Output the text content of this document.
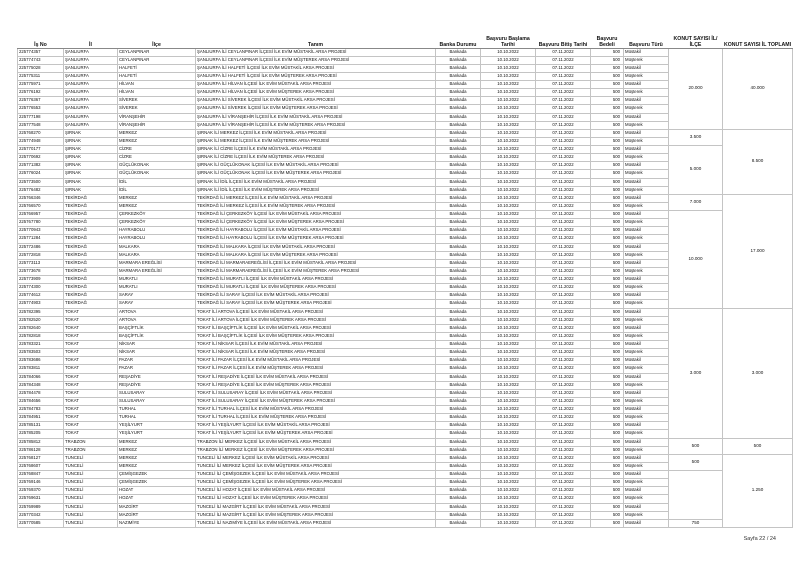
İş No	İl	İlçe	Tanım	Banka Durumu	Başvuru Başlama Tarihi	Başvuru Bitiş Tarihi	Başvuru Bedeli	Başvuru Türü	KONUT SAYISI İL/İLÇE	KONUT SAYISI İL TOPLAMI
225774357	ŞANLIURFA	CEYLANPINAR	ŞANLIURFA İLİ CEYLANPINAR İLÇESİ İLK EVİM MÜSTAKİL ARSA PROJESİ	Bankada	10.10.2022	07.11.2022	500	Müstakil	20.000	40.000
225774743	ŞANLIURFA	CEYLANPINAR	ŞANLIURFA İLİ CEYLANPINAR İLÇESİ İLK EVİM MÜŞTEREK ARSA PROJESİ	Bankada	10.10.2022	07.11.2022	500	Müşterek		
225775028	ŞANLIURFA	HALFETİ	ŞANLIURFA İLİ HALFETİ İLÇESİ İLK EVİM MÜSTAKİL ARSA PROJESİ	Bankada	10.10.2022	07.11.2022	500	Müstakil		
225775311	ŞANLIURFA	HALFETİ	ŞANLIURFA İLİ HALFETİ İLÇESİ İLK EVİM MÜŞTEREK ARSA PROJESİ	Bankada	10.10.2022	07.11.2022	500	Müşterek		
225775971	ŞANLIURFA	HİLVAN	ŞANLIURFA İLİ HİLVAN İLÇESİ İLK EVİM MÜSTAKİL ARSA PROJESİ	Bankada	10.10.2022	07.11.2022	500	Müstakil		
225776192	ŞANLIURFA	HİLVAN	ŞANLIURFA İLİ HİLVAN İLÇESİ İLK EVİM MÜŞTEREK ARSA PROJESİ	Bankada	10.10.2022	07.11.2022	500	Müşterek		
225776367	ŞANLIURFA	SİVEREK	ŞANLIURFA İLİ SİVEREK İLÇESİ İLK EVİM MÜSTAKİL ARSA PROJESİ	Bankada	10.10.2022	07.11.2022	500	Müstakil		
225776553	ŞANLIURFA	SİVEREK	ŞANLIURFA İLİ SİVEREK İLÇESİ İLK EVİM MÜŞTEREK ARSA PROJESİ	Bankada	10.10.2022	07.11.2022	500	Müşterek		
225777198	ŞANLIURFA	VİRANŞEHİR	ŞANLIURFA İLİ VİRANŞEHİR İLÇESİ İLK EVİM MÜSTAKİL ARSA PROJESİ	Bankada	10.10.2022	07.11.2022	500	Müstakil		
225777548	ŞANLIURFA	VİRANŞEHİR	ŞANLIURFA İLİ VİRANŞEHİR İLÇESİ İLK EVİM MÜŞTEREK ARSA PROJESİ	Bankada	10.10.2022	07.11.2022	500	Müşterek		
225768270	ŞIRNAK	MERKEZ	ŞIRNAK İLİ MERKEZ İLÇESİ İLK EVİM MÜSTAKİL ARSA PROJESİ	Bankada	10.10.2022	07.11.2022	500	Müstakil	3.500	8.500
225774948	ŞIRNAK	MERKEZ	ŞIRNAK İLİ MERKEZ İLÇESİ İLK EVİM MÜŞTEREK ARSA PROJESİ	Bankada	10.10.2022	07.11.2022	500	Müşterek		
225770177	ŞIRNAK	CİZRE	ŞIRNAK İLİ CİZRE İLÇESİ İLK EVİM MÜSTAKİL ARSA PROJESİ	Bankada	10.10.2022	07.11.2022	500	Müstakil	5.000	
225770692	ŞIRNAK	CİZRE	ŞIRNAK İLİ CİZRE İLÇESİ İLK EVİM MÜŞTEREK ARSA PROJESİ	Bankada	10.10.2022	07.11.2022	500	Müşterek		
225771382	ŞIRNAK	GÜÇLÜKONAK	ŞIRNAK İLİ GÜÇLÜKONAK İLÇESİ İLK EVİM MÜSTAKİL ARSA PROJESİ	Bankada	10.10.2022	07.11.2022	500	Müstakil		
225776024	ŞIRNAK	GÜÇLÜKONAK	ŞIRNAK İLİ GÜÇLÜKONAK İLÇESİ İLK EVİM MÜŞTEREK ARSA PROJESİ	Bankada	10.10.2022	07.11.2022	500	Müşterek		
225773500	ŞIRNAK	İDİL	ŞIRNAK İLİ İDİL İLÇESİ İLK EVİM MÜSTAKİL ARSA PROJESİ	Bankada	10.10.2022	07.11.2022	500	Müstakil		
225776482	ŞIRNAK	İDİL	ŞIRNAK İLİ İDİL İLÇESİ İLK EVİM MÜŞTEREK ARSA PROJESİ	Bankada	10.10.2022	07.11.2022	500	Müşterek		
225766346	TEKİRDAĞ	MERKEZ	TEKİRDAĞ İLİ MERKEZ İLÇESİ İLK EVİM MÜSTAKİL ARSA PROJESİ	Bankada	10.10.2022	07.11.2022	500	Müstakil	7.000	17.000
225766570	TEKİRDAĞ	MERKEZ	TEKİRDAĞ İLİ MERKEZ İLÇESİ İLK EVİM MÜŞTEREK ARSA PROJESİ	Bankada	10.10.2022	07.11.2022	500	Müşterek		
225766957	TEKİRDAĞ	ÇERKEZKÖY	TEKİRDAĞ İLİ ÇERKEZKÖY İLÇESİ İLK EVİM MÜSTAKİL ARSA PROJESİ	Bankada	10.10.2022	07.11.2022	500	Müstakil	10.000	
225767780	TEKİRDAĞ	ÇERKEZKÖY	TEKİRDAĞ İLİ ÇERKEZKÖY İLÇESİ İLK EVİM MÜŞTEREK ARSA PROJESİ	Bankada	10.10.2022	07.11.2022	500	Müşterek		
225770943	TEKİRDAĞ	HAYRABOLU	TEKİRDAĞ İLİ HAYRABOLU İLÇESİ İLK EVİM MÜSTAKİL ARSA PROJESİ	Bankada	10.10.2022	07.11.2022	500	Müstakil		
225771284	TEKİRDAĞ	HAYRABOLU	TEKİRDAĞ İLİ HAYRABOLU İLÇESİ İLK EVİM MÜŞTEREK ARSA PROJESİ	Bankada	10.10.2022	07.11.2022	500	Müşterek		
225772486	TEKİRDAĞ	MALKARA	TEKİRDAĞ İLİ MALKARA İLÇESİ İLK EVİM MÜSTAKİL ARSA PROJESİ	Bankada	10.10.2022	07.11.2022	500	Müstakil		
225772818	TEKİRDAĞ	MALKARA	TEKİRDAĞ İLİ MALKARA İLÇESİ İLK EVİM MÜŞTEREK ARSA PROJESİ	Bankada	10.10.2022	07.11.2022	500	Müşterek		
225773113	TEKİRDAĞ	MARMARA EREĞLİSİ	TEKİRDAĞ İLİ MARMARAEREĞLİSİ İLÇESİ İLK EVİM MÜSTAKİL ARSA PROJESİ	Bankada	10.10.2022	07.11.2022	500	Müstakil		
225773678	TEKİRDAĞ	MARMARA EREĞLİSİ	TEKİRDAĞ İLİ MARMARAEREĞLİSİ İLÇESİ İLK EVİM MÜŞTEREK ARSA PROJESİ	Bankada	10.10.2022	07.11.2022	500	Müşterek		
225773909	TEKİRDAĞ	MURATLI	TEKİRDAĞ İLİ MURATLI İLÇESİ İLK EVİM MÜSTAKİL ARSA PROJESİ	Bankada	10.10.2022	07.11.2022	500	Müstakil		
225774300	TEKİRDAĞ	MURATLI	TEKİRDAĞ İLİ MURATLI İLÇESİ İLK EVİM MÜŞTEREK ARSA PROJESİ	Bankada	10.10.2022	07.11.2022	500	Müşterek		
225774612	TEKİRDAĞ	SARAY	TEKİRDAĞ İLİ SARAY İLÇESİ İLK EVİM MÜSTAKİL ARSA PROJESİ	Bankada	10.10.2022	07.11.2022	500	Müstakil		
225774903	TEKİRDAĞ	SARAY	TEKİRDAĞ İLİ SARAY İLÇESİ İLK EVİM MÜŞTEREK ARSA PROJESİ	Bankada	10.10.2022	07.11.2022	500	Müşterek		
225782395	TOKAT	ARTOVA	TOKAT İLİ ARTOVA İLÇESİ İLK EVİM MÜSTAKİL ARSA PROJESİ	Bankada	10.10.2022	07.11.2022	500	Müstakil	3.000	3.000
225782520	TOKAT	ARTOVA	TOKAT İLİ ARTOVA İLÇESİ İLK EVİM MÜŞTEREK ARSA PROJESİ	Bankada	10.10.2022	07.11.2022	500	Müşterek		
225782640	TOKAT	BAŞÇİFTLİK	TOKAT İLİ BAŞÇİFTLİK İLÇESİ İLK EVİM MÜSTAKİL ARSA PROJESİ	Bankada	10.10.2022	07.11.2022	500	Müstakil		
225782818	TOKAT	BAŞÇİFTLİK	TOKAT İLİ BAŞÇİFTLİK İLÇESİ İLK EVİM MÜŞTEREK ARSA PROJESİ	Bankada	10.10.2022	07.11.2022	500	Müşterek		
225783321	TOKAT	NİKSAR	TOKAT İLİ NİKSAR İLÇESİ İLK EVİM MÜSTAKİL ARSA PROJESİ	Bankada	10.10.2022	07.11.2022	500	Müstakil		
225783503	TOKAT	NİKSAR	TOKAT İLİ NİKSAR İLÇESİ İLK EVİM MÜŞTEREK ARSA PROJESİ	Bankada	10.10.2022	07.11.2022	500	Müşterek		
225783686	TOKAT	PAZAR	TOKAT İLİ PAZAR İLÇESİ İLK EVİM MÜSTAKİL ARSA PROJESİ	Bankada	10.10.2022	07.11.2022	500	Müstakil		
225783811	TOKAT	PAZAR	TOKAT İLİ PAZAR İLÇESİ İLK EVİM MÜŞTEREK ARSA PROJESİ	Bankada	10.10.2022	07.11.2022	500	Müşterek		
225784066	TOKAT	REŞADİYE	TOKAT İLİ REŞADİYE İLÇESİ İLK EVİM MÜSTAKİL ARSA PROJESİ	Bankada	10.10.2022	07.11.2022	500	Müstakil		
225784348	TOKAT	REŞADİYE	TOKAT İLİ REŞADİYE İLÇESİ İLK EVİM MÜŞTEREK ARSA PROJESİ	Bankada	10.10.2022	07.11.2022	500	Müşterek		
225784478	TOKAT	SULUSARAY	TOKAT İLİ SULUSARAY İLÇESİ İLK EVİM MÜSTAKİL ARSA PROJESİ	Bankada	10.10.2022	07.11.2022	500	Müstakil		
225784656	TOKAT	SULUSARAY	TOKAT İLİ SULUSARAY İLÇESİ İLK EVİM MÜŞTEREK ARSA PROJESİ	Bankada	10.10.2022	07.11.2022	500	Müşterek		
225784783	TOKAT	TURHAL	TOKAT İLİ TURHAL İLÇESİ İLK EVİM MÜSTAKİL ARSA PROJESİ	Bankada	10.10.2022	07.11.2022	500	Müstakil		
225784951	TOKAT	TURHAL	TOKAT İLİ TURHAL İLÇESİ İLK EVİM MÜŞTEREK ARSA PROJESİ	Bankada	10.10.2022	07.11.2022	500	Müşterek		
225785131	TOKAT	YEŞİLYURT	TOKAT İLİ YEŞİLYURT İLÇESİ İLK EVİM MÜSTAKİL ARSA PROJESİ	Bankada	10.10.2022	07.11.2022	500	Müstakil		
225785205	TOKAT	YEŞİLYURT	TOKAT İLİ YEŞİLYURT İLÇESİ İLK EVİM MÜŞTEREK ARSA PROJESİ	Bankada	10.10.2022	07.11.2022	500	Müşterek		
225785812	TRABZON	MERKEZ	TRABZON İLİ MERKEZ İLÇESİ İLK EVİM MÜSTAKİL ARSA PROJESİ	Bankada	10.10.2022	07.11.2022	500	Müstakil	500	500
225786128	TRABZON	MERKEZ	TRABZON İLİ MERKEZ İLÇESİ İLK EVİM MÜŞTEREK ARSA PROJESİ	Bankada	10.10.2022	07.11.2022	500	Müşterek		
225768127	TUNCELİ	MERKEZ	TUNCELİ İLİ MERKEZ İLÇESİ İLK EVİM MÜSTAKİL ARSA PROJESİ	Bankada	10.10.2022	07.11.2022	500	Müstakil	500	1.250
225768607	TUNCELİ	MERKEZ	TUNCELİ İLİ MERKEZ İLÇESİ İLK EVİM MÜŞTEREK ARSA PROJESİ	Bankada	10.10.2022	07.11.2022	500	Müşterek		
225768847	TUNCELİ	ÇEMİŞGEZEK	TUNCELİ İLİ ÇEMİŞGEZEK İLÇESİ İLK EVİM MÜSTAKİL ARSA PROJESİ	Bankada	10.10.2022	07.11.2022	500	Müstakil		
225769146	TUNCELİ	ÇEMİŞGEZEK	TUNCELİ İLİ ÇEMİŞGEZEK İLÇESİ İLK EVİM MÜŞTEREK ARSA PROJESİ	Bankada	10.10.2022	07.11.2022	500	Müşterek		
225769370	TUNCELİ	HOZAT	TUNCELİ İLİ HOZAT İLÇESİ İLK EVİM MÜSTAKİL ARSA PROJESİ	Bankada	10.10.2022	07.11.2022	500	Müstakil		
225769631	TUNCELİ	HOZAT	TUNCELİ İLİ HOZAT İLÇESİ İLK EVİM MÜŞTEREK ARSA PROJESİ	Bankada	10.10.2022	07.11.2022	500	Müşterek		
225769989	TUNCELİ	MAZGİRT	TUNCELİ İLİ MAZGİRT İLÇESİ İLK EVİM MÜSTAKİL ARSA PROJESİ	Bankada	10.10.2022	07.11.2022	500	Müstakil		
225770342	TUNCELİ	MAZGİRT	TUNCELİ İLİ MAZGİRT İLÇESİ İLK EVİM MÜŞTEREK ARSA PROJESİ	Bankada	10.10.2022	07.11.2022	500	Müşterek		
225770585	TUNCELİ	NAZIMİYE	TUNCELİ İLİ NAZIMİYE İLÇESİ İLK EVİM MÜSTAKİL ARSA PROJESİ	Bankada	10.10.2022	07.11.2022	500	Müstakil	750	
Sayfa 22 / 24
